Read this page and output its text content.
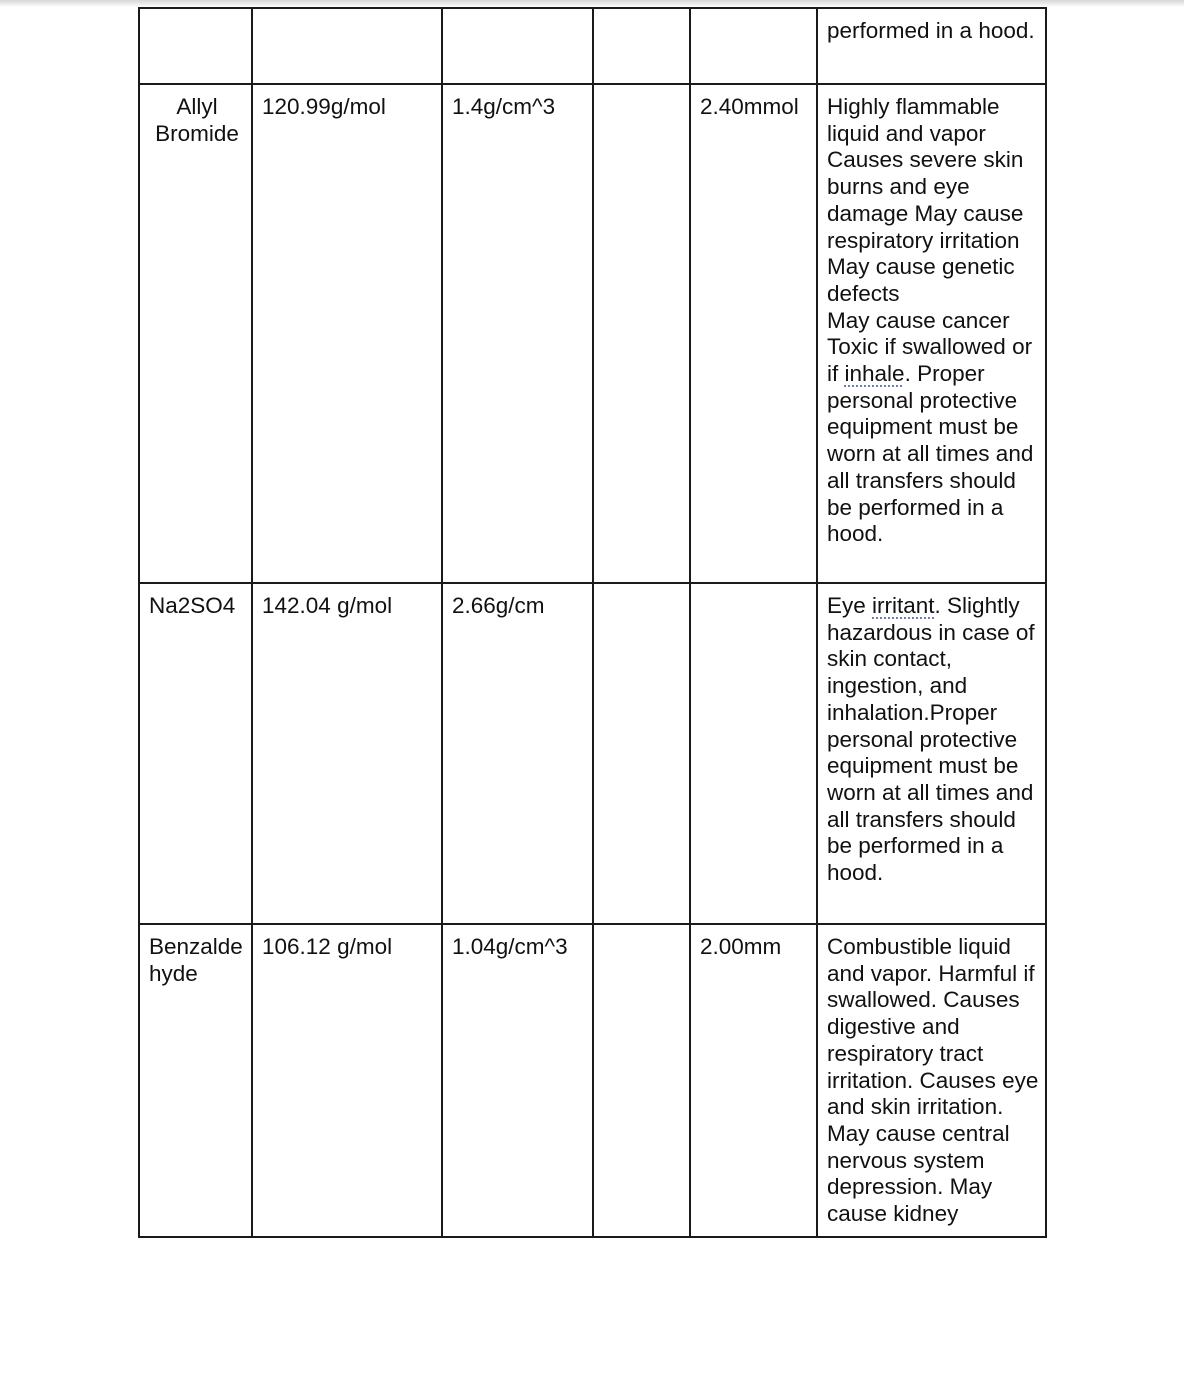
					performed in a hood.
Allyl Bromide	120.99g/mol	1.4g/cm^3		2.40mmol	Highly flammable liquid and vapor Causes severe skin burns and eye damage May cause respiratory irritation May cause genetic defects
May cause cancer Toxic if swallowed or if inhale. Proper personal protective equipment must be worn at all times and all transfers should be performed in a hood.
Na2SO4	142.04 g/mol	2.66g/cm			Eye irritant. Slightly hazardous in case of skin contact, ingestion, and inhalation.Proper personal protective equipment must be worn at all times and all transfers should be performed in a hood.
Benzaldehyde	106.12 g/mol	1.04g/cm^3		2.00mm	Combustible liquid and vapor. Harmful if swallowed. Causes digestive and respiratory tract irritation. Causes eye and skin irritation. May cause central nervous system depression. May cause kidney
